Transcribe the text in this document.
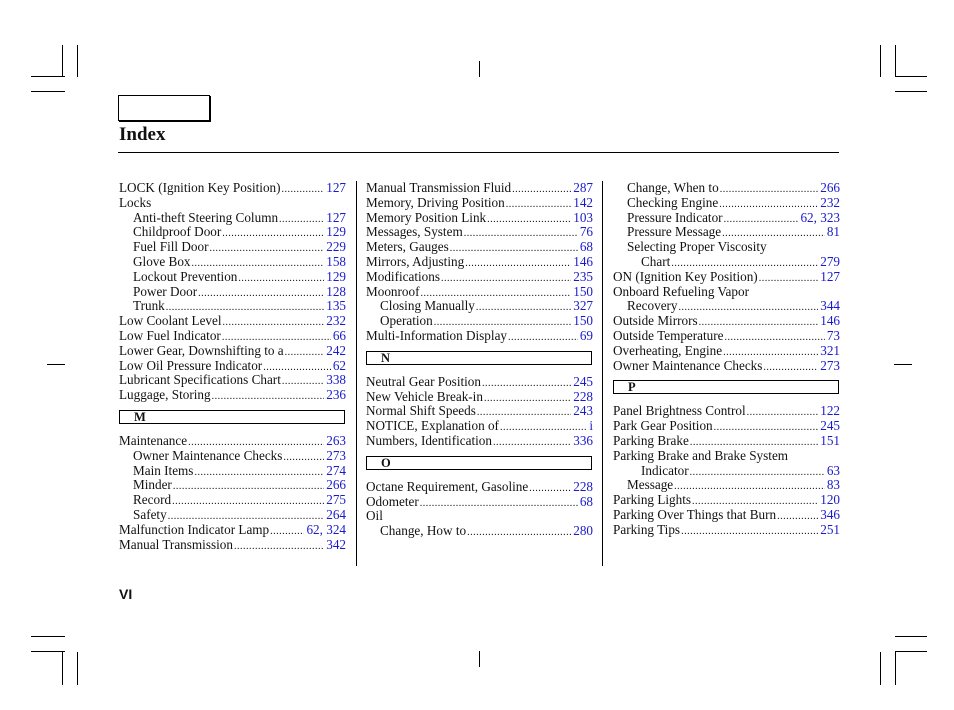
Index
LOCK (Ignition Key Position) .....	127
Locks
Anti-theft Steering Column .....	127
Childproof Door .....	129
Fuel Fill Door .....	229
Glove Box .....	158
Lockout Prevention .....	129
Power Door .....	128
Trunk .....	135
Low Coolant Level .....	232
Low Fuel Indicator .....	66
Lower Gear, Downshifting to a .....	242
Low Oil Pressure Indicator .....	62
Lubricant Specifications Chart .....	338
Luggage, Storing .....	236
M
Maintenance .....	263
Owner Maintenance Checks .....	273
Main Items .....	274
Minder .....	266
Record .....	275
Safety .....	264
Malfunction Indicator Lamp .....	62, 324
Manual Transmission .....	342
Manual Transmission Fluid .....	287
Memory, Driving Position .....	142
Memory Position Link .....	103
Messages, System .....	76
Meters, Gauges .....	68
Mirrors, Adjusting .....	146
Modifications .....	235
Moonroof .....	150
Closing Manually .....	327
Operation .....	150
Multi-Information Display .....	69
N
Neutral Gear Position .....	245
New Vehicle Break-in .....	228
Normal Shift Speeds .....	243
NOTICE, Explanation of .....	i
Numbers, Identification .....	336
O
Octane Requirement, Gasoline .....	228
Odometer .....	68
Oil
Change, How to .....	280
Change, When to .....	266
Checking Engine .....	232
Pressure Indicator .....	62, 323
Pressure Message .....	81
Selecting Proper Viscosity
Chart .....	279
ON (Ignition Key Position) .....	127
Onboard Refueling Vapor
Recovery .....	344
Outside Mirrors .....	146
Outside Temperature .....	73
Overheating, Engine .....	321
Owner Maintenance Checks .....	273
P
Panel Brightness Control .....	122
Park Gear Position .....	245
Parking Brake .....	151
Parking Brake and Brake System
Indicator .....	63
Message .....	83
Parking Lights .....	120
Parking Over Things that Burn .....	346
Parking Tips .....	251
VI
